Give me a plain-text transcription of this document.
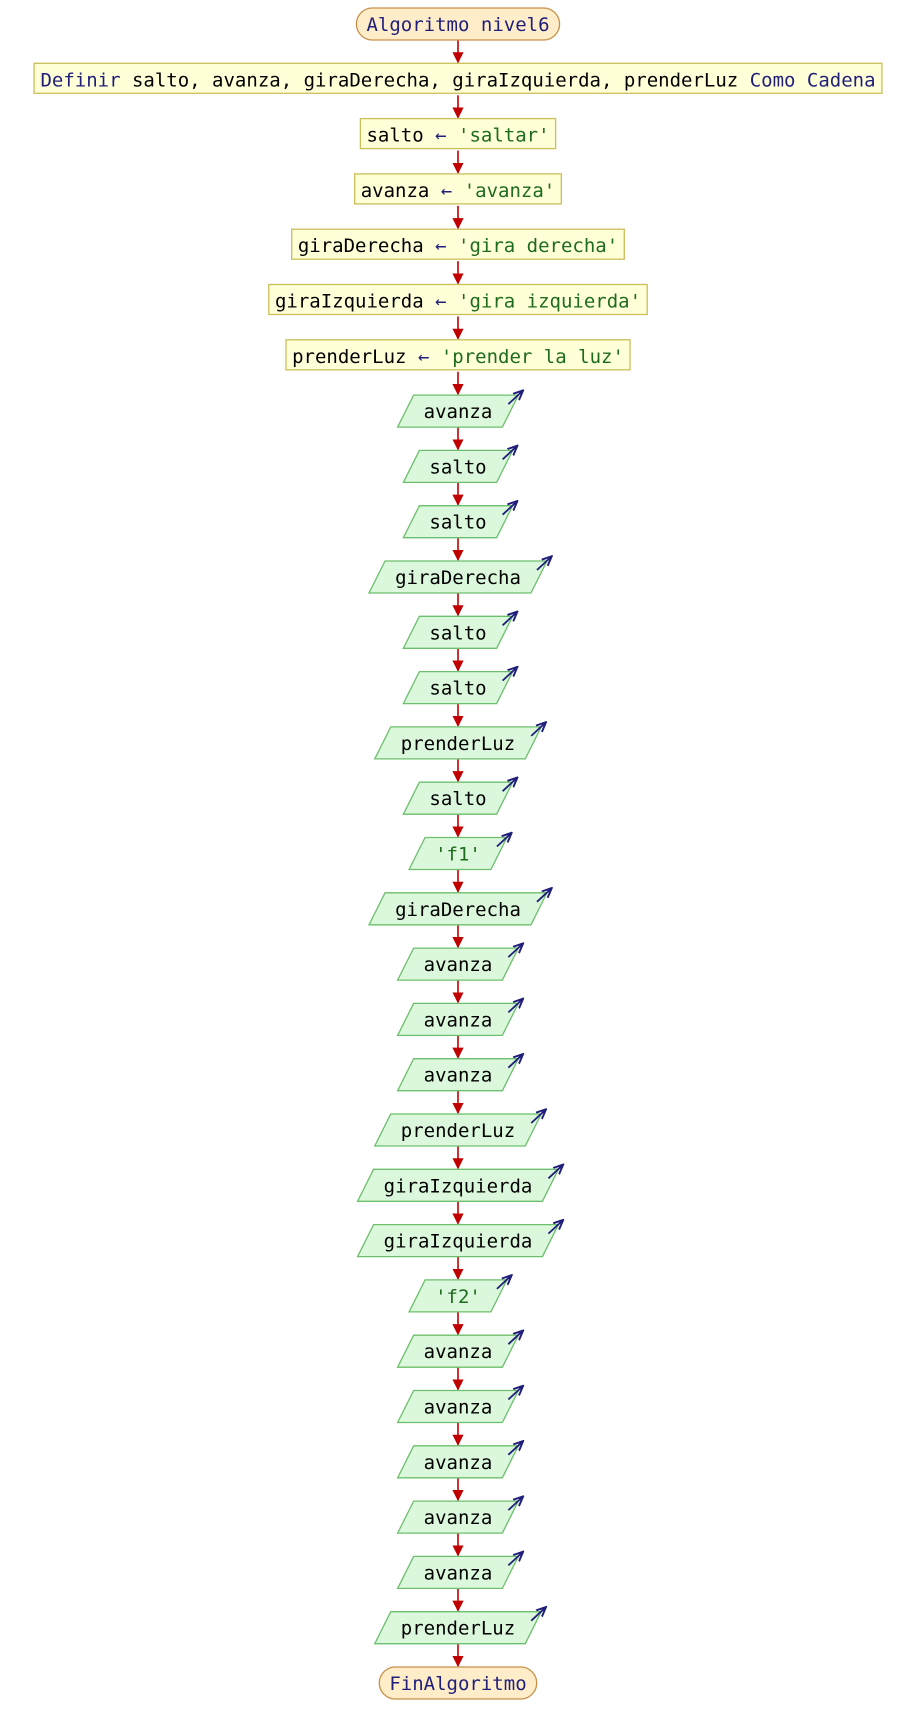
Algoritmo nivel6
Definir salto, avanza, giraDerecha, giraIzquierda, prenderLuz Como Cadena
salto ← 'saltar'
avanza ← 'avanza'
giraDerecha ← 'gira derecha'
giraIzquierda ← 'gira izquierda'
prenderLuz ← 'prender la luz'
avanza
salto
salto
giraDerecha
salto
salto
prenderLuz
salto
'f1'
giraDerecha
avanza
avanza
avanza
prenderLuz
giraIzquierda
giraIzquierda
'f2'
avanza
avanza
avanza
avanza
avanza
prenderLuz
FinAlgoritmo
